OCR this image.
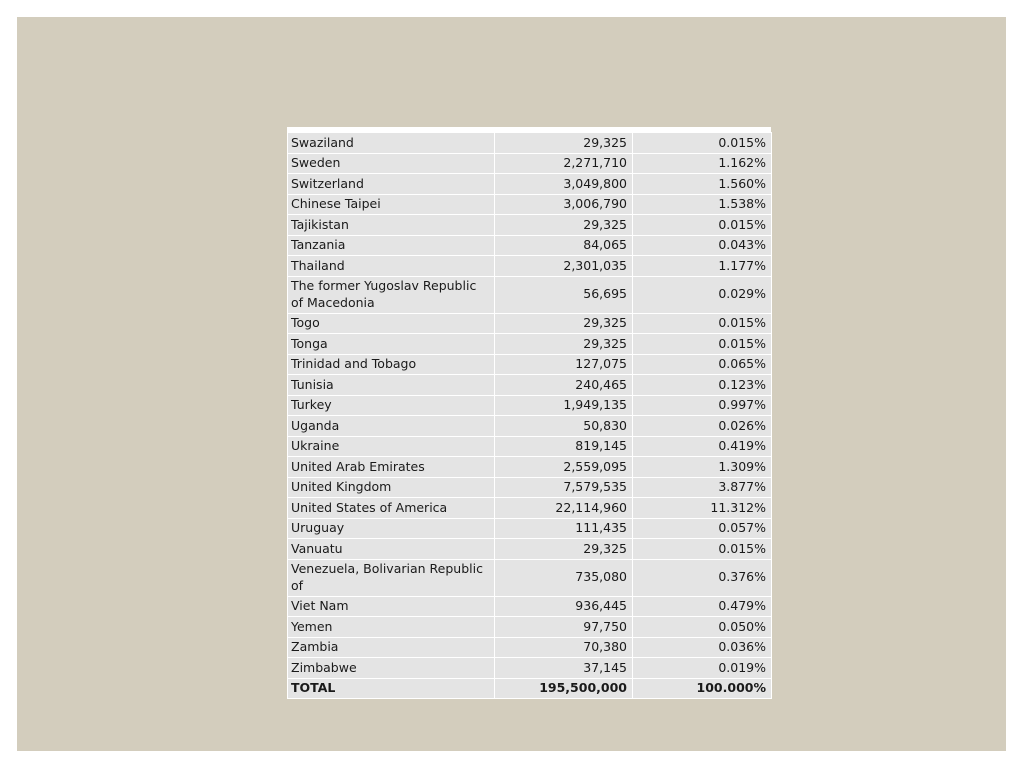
Swaziland	29,325	0.015%
Sweden	2,271,710	1.162%
Switzerland	3,049,800	1.560%
Chinese Taipei	3,006,790	1.538%
Tajikistan	29,325	0.015%
Tanzania	84,065	0.043%
Thailand	2,301,035	1.177%
The former Yugoslav Republic of Macedonia	56,695	0.029%
Togo	29,325	0.015%
Tonga	29,325	0.015%
Trinidad and Tobago	127,075	0.065%
Tunisia	240,465	0.123%
Turkey	1,949,135	0.997%
Uganda	50,830	0.026%
Ukraine	819,145	0.419%
United Arab Emirates	2,559,095	1.309%
United Kingdom	7,579,535	3.877%
United States of America	22,114,960	11.312%
Uruguay	111,435	0.057%
Vanuatu	29,325	0.015%
Venezuela, Bolivarian Republic of	735,080	0.376%
Viet Nam	936,445	0.479%
Yemen	97,750	0.050%
Zambia	70,380	0.036%
Zimbabwe	37,145	0.019%
TOTAL	195,500,000	100.000%
